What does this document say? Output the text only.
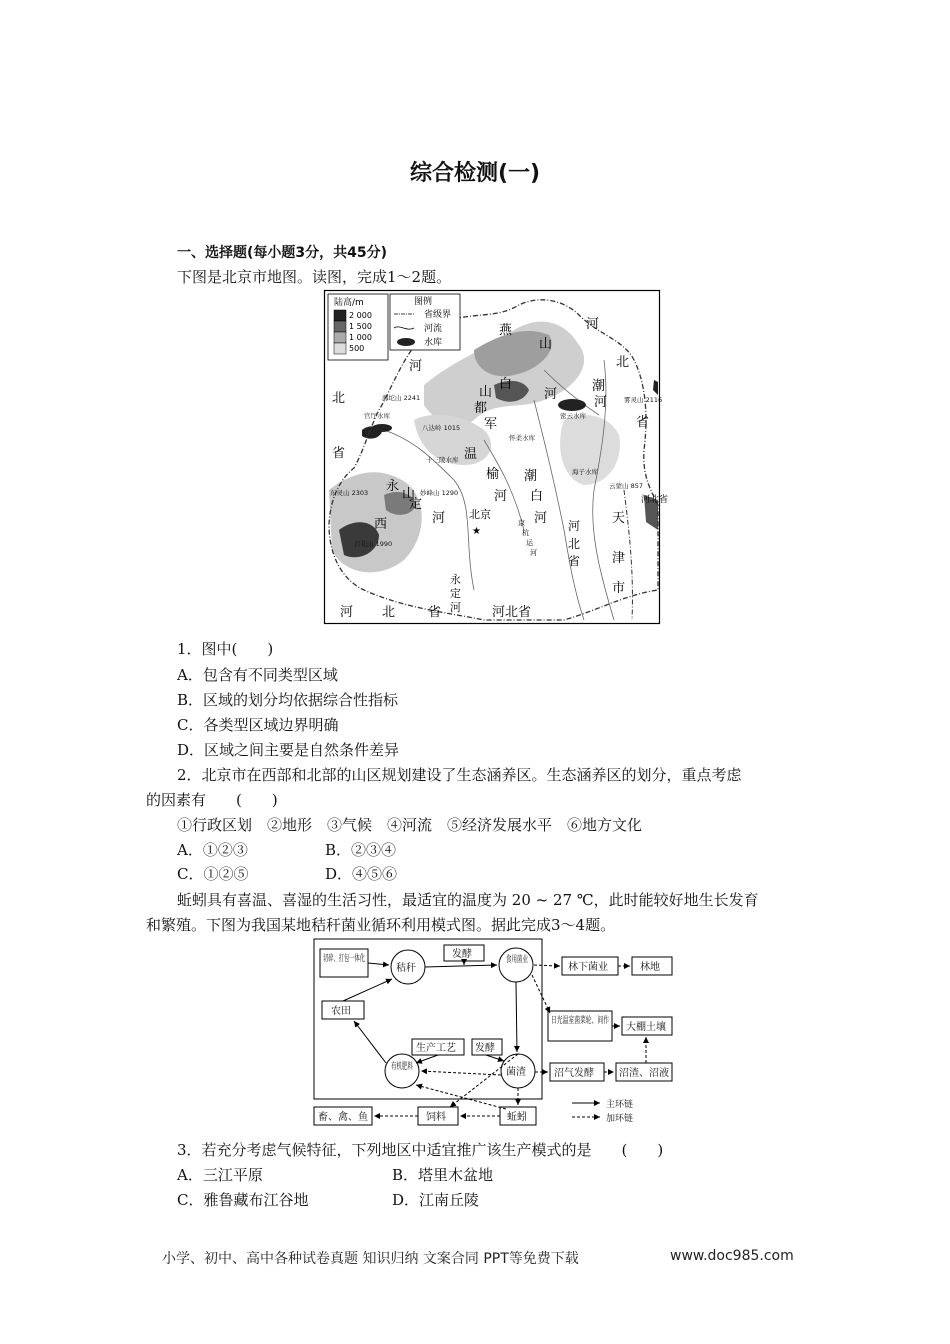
综合检测(一)
一、选择题(每小题3分，共45分)
下图是北京市地图。读图，完成1～2题。
陆高/m
2 000
1 500
1 000
500
图例
省级界
河流
水库
河
燕
山
河	北
省
北
省
都
军
山
白
河
潮
河
温
榆
河
潮
白
河
永
山
定
河
西
北京
河北省
天
津
市
河 北	省	河北省
河
北
省
永
定
河
京
杭
运
河
★
海坨山 2241	雾灵山 2116
八达岭 1015
东灵山 2303	妙峰山 1290
百花山 1990
云蒙山 857
官厅水库	密云水库
怀柔水库
十三陵水库
海子水库
1．图中(　　)
A．包含有不同类型区域
B．区域的划分均依据综合性指标
C．各类型区域边界明确
D．区域之间主要是自然条件差异
2．北京市在西部和北部的山区规划建设了生态涵养区。生态涵养区的划分，重点考虑
的因素有　　(　　)
①行政区划　②地形　③气候　④河流　⑤经济发展水平　⑥地方文化
A．①②③	B．②③④
C．①②⑤	D．④⑤⑥
蚯蚓具有喜温、喜湿的生活习性，最适宜的温度为 20 ~ 27 ℃，此时能较好地生长发育
和繁殖。下图为我国某地秸秆菌业循环利用模式图。据此完成3～4题。
切碎、打包一体化
秸秆
发酵	食用菌业
林下菌业	林地
农田
日光温室菌菜轮、间作
大棚土壤
生产工艺 发酵
有机肥料	菌渣	沼气发酵	沼渣、沼液
畜、禽、鱼	饲料	蚯蚓
主环链
加环链
3．若充分考虑气候特征，下列地区中适宜推广该生产模式的是　　(　　)
A．三江平原	B．塔里木盆地
C．雅鲁藏布江谷地	D．江南丘陵
小学、初中、高中各种试卷真题 知识归纳 文案合同 PPT等免费下载	www.doc985.com
